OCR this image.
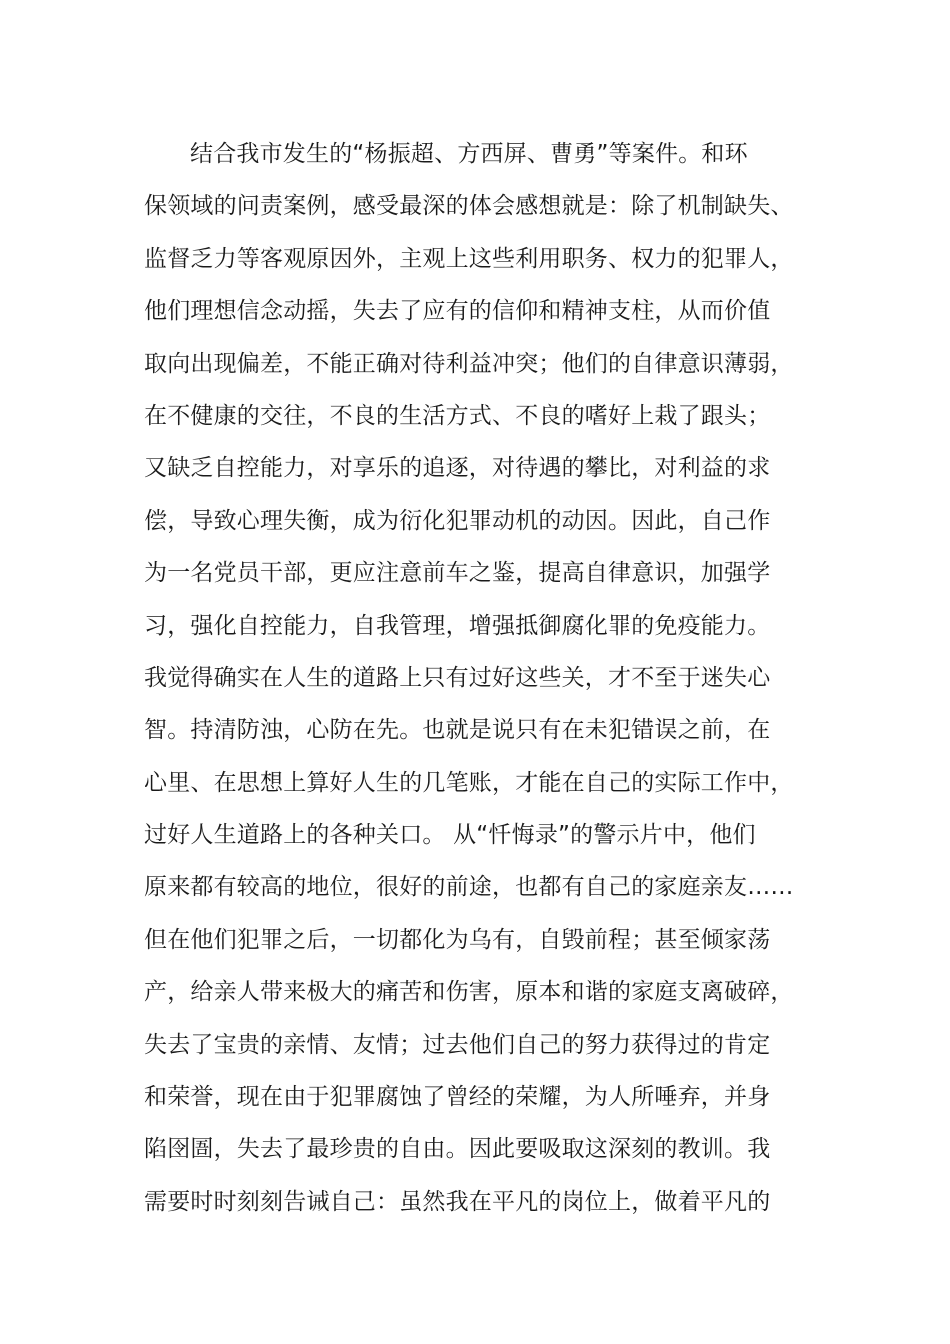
结合我市发生的“杨振超、方西屏、曹勇”等案件。和环
保领域的问责案例，感受最深的体会感想就是：除了机制缺失、
监督乏力等客观原因外，主观上这些利用职务、权力的犯罪人，
他们理想信念动摇，失去了应有的信仰和精神支柱，从而价值
取向出现偏差，不能正确对待利益冲突；他们的自律意识薄弱，
在不健康的交往，不良的生活方式、不良的嗜好上栽了跟头；
又缺乏自控能力，对享乐的追逐，对待遇的攀比，对利益的求
偿，导致心理失衡，成为衍化犯罪动机的动因。因此，自己作
为一名党员干部，更应注意前车之鉴，提高自律意识，加强学
习，强化自控能力，自我管理，增强抵御腐化罪的免疫能力。
我觉得确实在人生的道路上只有过好这些关，才不至于迷失心
智。持清防浊，心防在先。也就是说只有在未犯错误之前，在
心里、在思想上算好人生的几笔账，才能在自己的实际工作中，
过好人生道路上的各种关口。 从“忏悔录”的警示片中，他们
原来都有较高的地位，很好的前途，也都有自己的家庭亲友……
但在他们犯罪之后，一切都化为乌有，自毁前程；甚至倾家荡
产，给亲人带来极大的痛苦和伤害，原本和谐的家庭支离破碎，
失去了宝贵的亲情、友情；过去他们自己的努力获得过的肯定
和荣誉，现在由于犯罪腐蚀了曾经的荣耀，为人所唾弃，并身
陷囹圄，失去了最珍贵的自由。因此要吸取这深刻的教训。我
需要时时刻刻告诫自己：虽然我在平凡的岗位上，做着平凡的
